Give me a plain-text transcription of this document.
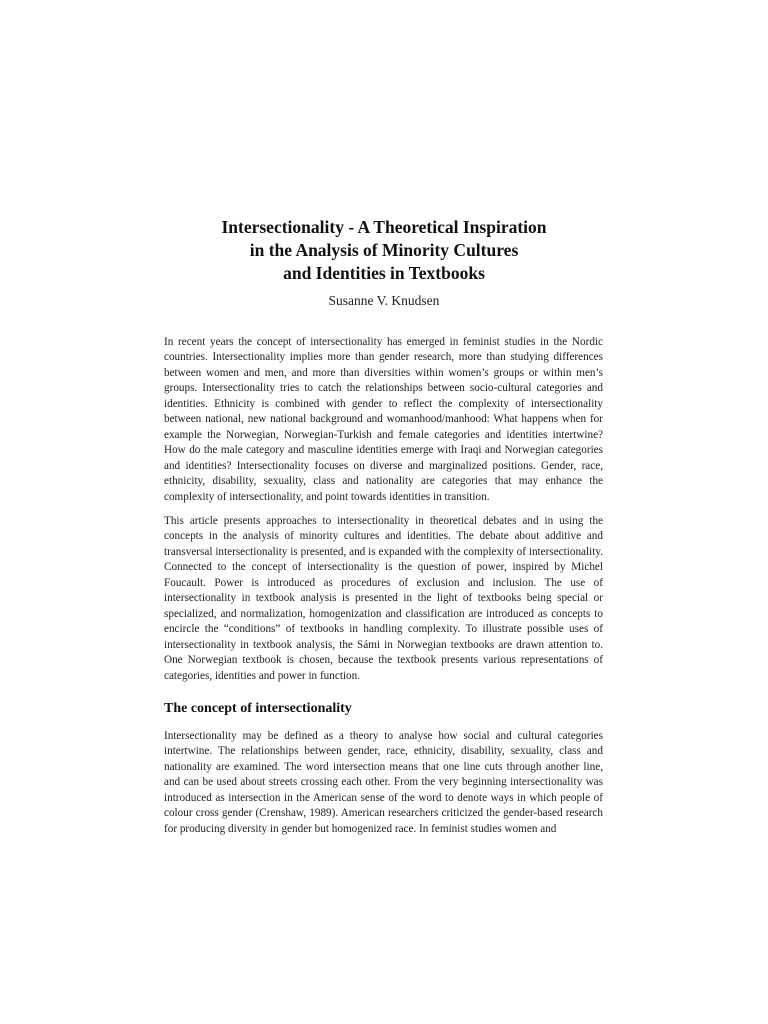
Intersectionality - A Theoretical Inspiration
in the Analysis of Minority Cultures
and Identities in Textbooks
Susanne V. Knudsen

In recent years the concept of intersectionality has emerged in feminist studies in the Nordic countries. Intersectionality implies more than gender research, more than studying differences between women and men, and more than diversities within women’s groups or within men’s groups. Intersectionality tries to catch the relationships between socio-cultural categories and identities. Ethnicity is combined with gender to reflect the complexity of intersectionality between national, new national background and womanhood/manhood: What happens when for example the Norwegian, Norwegian-Turkish and female categories and identities intertwine? How do the male category and masculine identities emerge with Iraqi and Norwegian categories and identities? Intersectionality focuses on diverse and marginalized positions. Gender, race, ethnicity, disability, sexuality, class and nationality are categories that may enhance the complexity of intersectionality, and point towards identities in transition.

This article presents approaches to intersectionality in theoretical debates and in using the concepts in the analysis of minority cultures and identities. The debate about additive and transversal intersectionality is presented, and is expanded with the complexity of intersectionality. Connected to the concept of intersectionality is the question of power, inspired by Michel Foucault. Power is introduced as procedures of exclusion and inclusion. The use of intersectionality in textbook analysis is presented in the light of textbooks being special or specialized, and normalization, homogenization and classification are introduced as concepts to encircle the “conditions” of textbooks in handling complexity. To illustrate possible uses of intersectionality in textbook analysis, the Sámi in Norwegian textbooks are drawn attention to. One Norwegian textbook is chosen, because the textbook presents various representations of categories, identities and power in function.

The concept of intersectionality

Intersectionality may be defined as a theory to analyse how social and cultural categories intertwine. The relationships between gender, race, ethnicity, disability, sexuality, class and nationality are examined. The word intersection means that one line cuts through another line, and can be used about streets crossing each other. From the very beginning intersectionality was introduced as intersection in the American sense of the word to denote ways in which people of colour cross gender (Crenshaw, 1989). American researchers criticized the gender-based research for producing diversity in gender but homogenized race. In feminist studies women and
